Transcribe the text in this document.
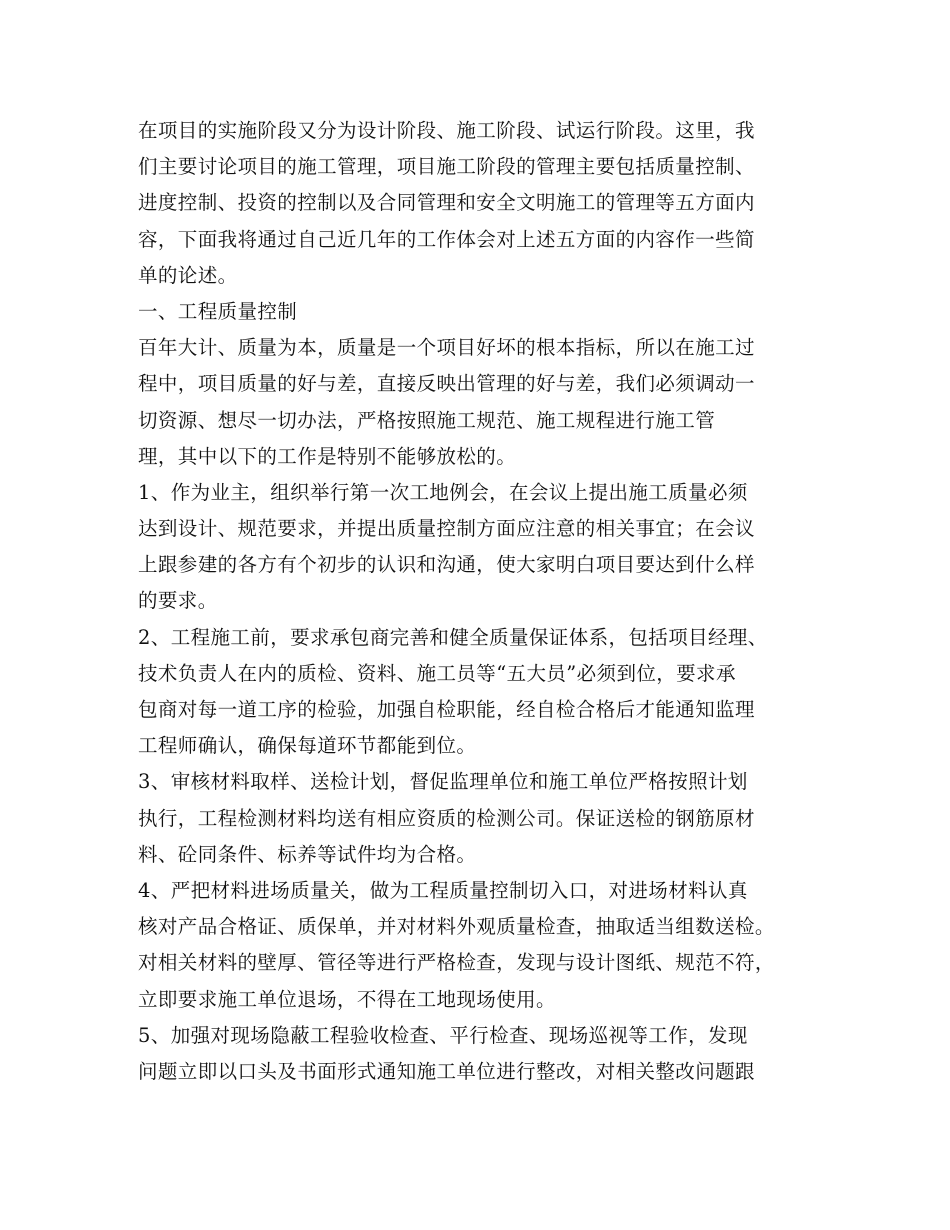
在项目的实施阶段又分为设计阶段、施工阶段、试运行阶段。这里，我
们主要讨论项目的施工管理，项目施工阶段的管理主要包括质量控制、
进度控制、投资的控制以及合同管理和安全文明施工的管理等五方面内
容，下面我将通过自己近几年的工作体会对上述五方面的内容作一些简
单的论述。
一、工程质量控制
百年大计、质量为本，质量是一个项目好坏的根本指标，所以在施工过
程中，项目质量的好与差，直接反映出管理的好与差，我们必须调动一
切资源、想尽一切办法，严格按照施工规范、施工规程进行施工管
理，其中以下的工作是特别不能够放松的。
1、作为业主，组织举行第一次工地例会，在会议上提出施工质量必须
达到设计、规范要求，并提出质量控制方面应注意的相关事宜；在会议
上跟参建的各方有个初步的认识和沟通，使大家明白项目要达到什么样
的要求。
2、工程施工前，要求承包商完善和健全质量保证体系，包括项目经理、
技术负责人在内的质检、资料、施工员等“五大员”必须到位，要求承
包商对每一道工序的检验，加强自检职能，经自检合格后才能通知监理
工程师确认，确保每道环节都能到位。
3、审核材料取样、送检计划，督促监理单位和施工单位严格按照计划
执行，工程检测材料均送有相应资质的检测公司。保证送检的钢筋原材
料、砼同条件、标养等试件均为合格。
4、严把材料进场质量关，做为工程质量控制切入口，对进场材料认真
核对产品合格证、质保单，并对材料外观质量检查，抽取适当组数送检。
对相关材料的壁厚、管径等进行严格检查，发现与设计图纸、规范不符，
立即要求施工单位退场，不得在工地现场使用。
5、加强对现场隐蔽工程验收检查、平行检查、现场巡视等工作，发现
问题立即以口头及书面形式通知施工单位进行整改，对相关整改问题跟
